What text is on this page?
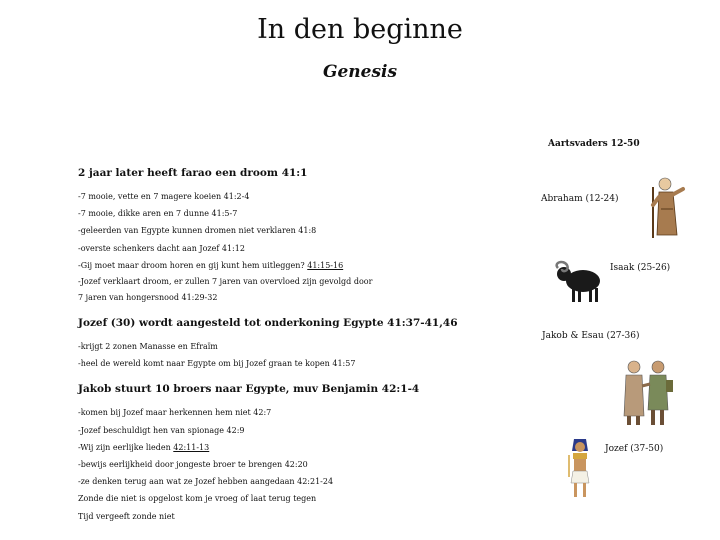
In den beginne
Genesis
Aartsvaders 12-50
Abraham (12-24)
Isaak (25-26)
Jakob & Esau (27-36)
Jozef (37-50)
2 jaar later heeft farao een droom 41:1
-7 mooie, vette en 7 magere koeien 41:2-4
-7 mooie, dikke aren en 7 dunne 41:5-7
-geleerden van Egypte kunnen dromen niet verklaren 41:8
-overste schenkers dacht aan Jozef 41:12
-Gij moet maar droom horen en gij kunt hem uitleggen? 41:15-16
-Jozef verklaart droom, er zullen 7 jaren van overvloed zijn gevolgd door 7 jaren van hongersnood 41:29-32
Jozef (30) wordt aangesteld tot onderkoning Egypte 41:37-41,46
-krijgt 2 zonen Manasse en Efraïm
-heel de wereld komt naar Egypte om bij Jozef graan te kopen 41:57
Jakob stuurt 10 broers naar Egypte, muv Benjamin 42:1-4
-komen bij Jozef maar herkennen hem niet 42:7
-Jozef beschuldigt hen van spionage 42:9
-Wij zijn eerlijke lieden 42:11-13
-bewijs eerlijkheid door jongeste broer te brengen 42:20
-ze denken terug aan wat ze Jozef hebben aangedaan 42:21-24
Zonde die niet is opgelost kom je vroeg of laat terug tegen
Tijd vergeeft zonde niet
